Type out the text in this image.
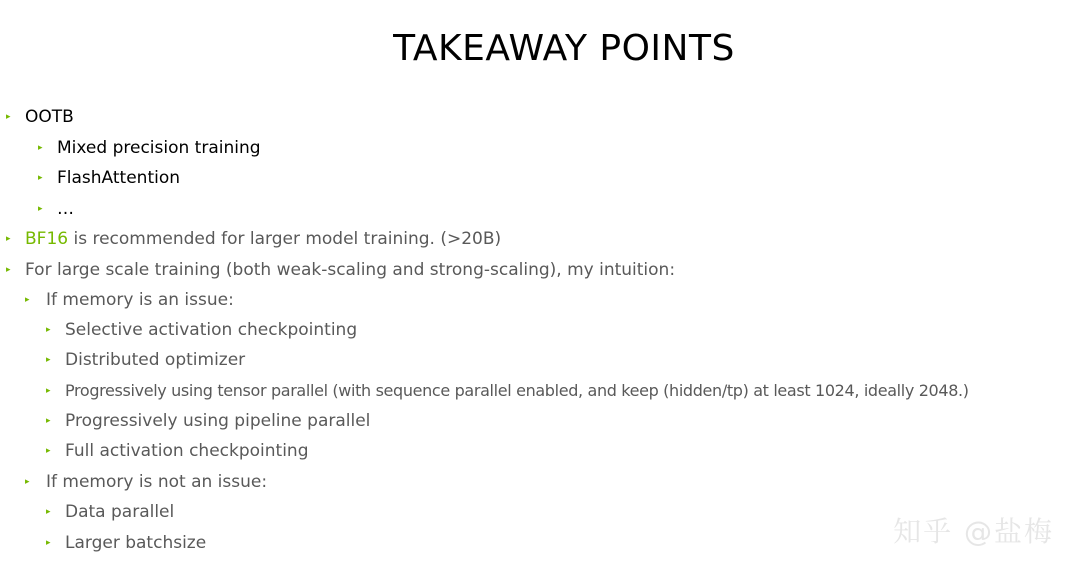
TAKEAWAY POINTS
▸ OOTB
▸ Mixed precision training
▸ FlashAttention
▸ …
▸ BF16 is recommended for larger model training. (>20B)
▸ For large scale training (both weak-scaling and strong-scaling), my intuition:
▸ If memory is an issue:
▸ Selective activation checkpointing
▸ Distributed optimizer
▸ Progressively using tensor parallel (with sequence parallel enabled, and keep (hidden/tp) at least 1024, ideally 2048.)
▸ Progressively using pipeline parallel
▸ Full activation checkpointing
▸ If memory is not an issue:
▸ Data parallel
▸ Larger batchsize	知乎 @盐梅
